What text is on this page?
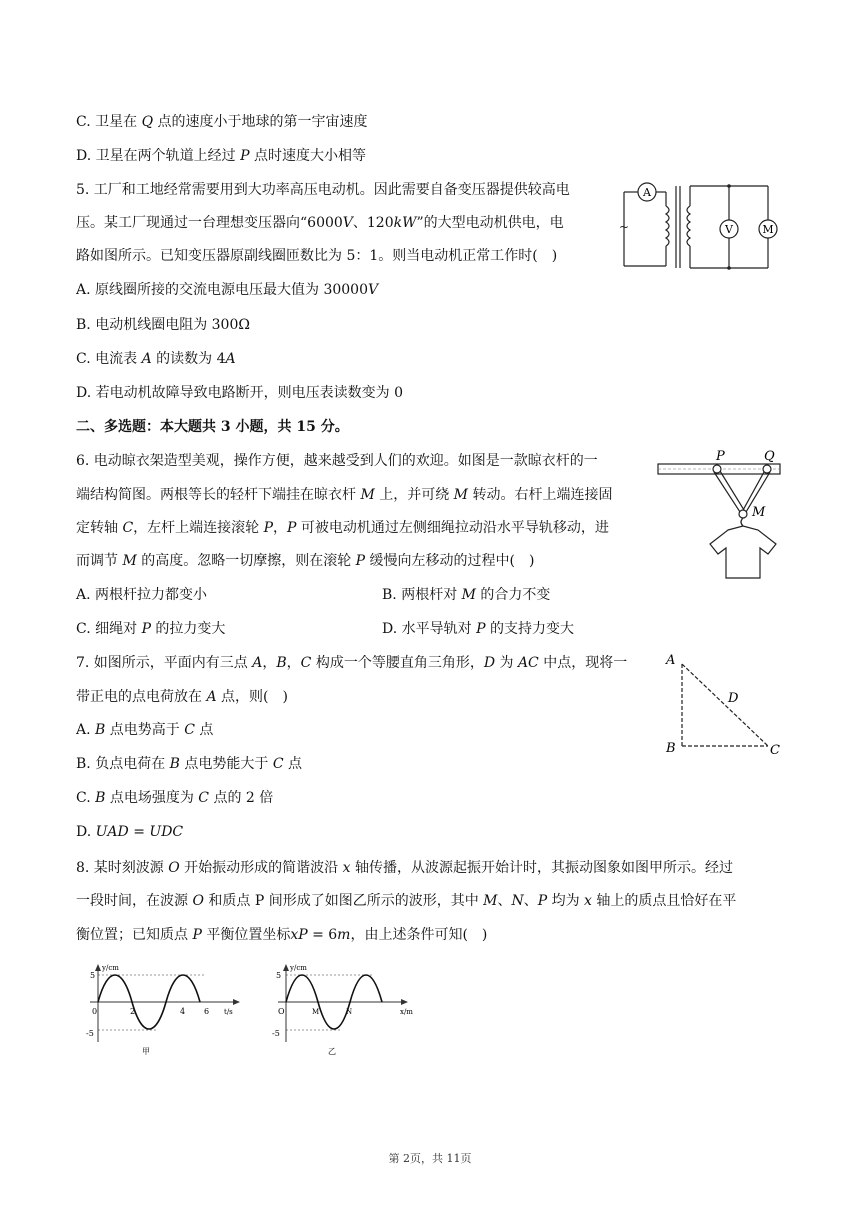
C. 卫星在 𝑄 点的速度小于地球的第一宇宙速度
D. 卫星在两个轨道上经过 𝑃 点时速度大小相等
5. 工厂和工地经常需要用到大功率高压电动机。因此需要自备变压器提供较高电
压。某工厂现通过一台理想变压器向“6000𝑉、120𝑘𝑊”的大型电动机供电，电
路如图所示。已知变压器原副线圈匝数比为 5：1。则当电动机正常工作时(　)
A. 原线圈所接的交流电源电压最大值为 30000𝑉
B. 电动机线圈电阻为 300Ω
C. 电流表 𝐴 的读数为 4𝐴
D. 若电动机故障导致电路断开，则电压表读数变为 0
A
~	V	M
二、多选题：本大题共 3 小题，共 15 分。
6. 电动晾衣架造型美观，操作方便，越来越受到人们的欢迎。如图是一款晾衣杆的一
端结构简图。两根等长的轻杆下端挂在晾衣杆 𝑀 上，并可绕 𝑀 转动。右杆上端连接固
定转轴 𝐶，左杆上端连接滚轮 𝑃，𝑃 可被电动机通过左侧细绳拉动沿水平导轨移动，进
而调节 𝑀 的高度。忽略一切摩擦，则在滚轮 𝑃 缓慢向左移动的过程中(　)
A. 两根杆拉力都变小	B. 两根杆对 𝑀 的合力不变
C. 细绳对 𝑃 的拉力变大	D. 水平导轨对 𝑃 的支持力变大
P	Q
M
7. 如图所示，平面内有三点 𝐴，𝐵，𝐶 构成一个等腰直角三角形，𝐷 为 𝐴𝐶 中点，现将一
带正电的点电荷放在 𝐴 点，则(　)
A. 𝐵 点电势高于 𝐶 点
B. 负点电荷在 𝐵 点电势能大于 𝐶 点
C. 𝐵 点电场强度为 𝐶 点的 2 倍
D. 𝑈𝐴𝐷 = 𝑈𝐷𝐶
A
B	C
D
8. 某时刻波源 𝑂 开始振动形成的简谐波沿 𝑥 轴传播，从波源起振开始计时，其振动图象如图甲所示。经过
一段时间，在波源 𝑂 和质点 P 间形成了如图乙所示的波形，其中 𝑀、𝑁、𝑃 均为 𝑥 轴上的质点且恰好在平
衡位置；已知质点 𝑃 平衡位置坐标𝑥𝑃 = 6𝑚，由上述条件可知(　)
y/cm
t/s
5
-5
0	2	4 6
甲
y/cm
x/m
5
-5
O	M	N
乙
第 2页，共 11页
